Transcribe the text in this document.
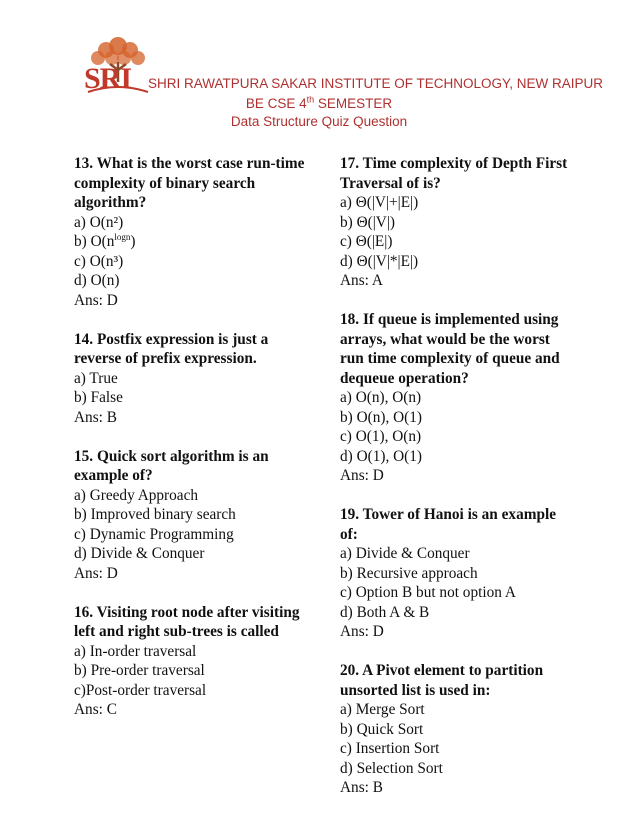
SRI SHRI RAWATPURA SAKAR INSTITUTE OF TECHNOLOGY, NEW RAIPUR
BE CSE 4th SEMESTER
Data Structure Quiz Question
13. What is the worst case run-time
complexity of binary search
algorithm?
a) O(n²)
b) $O(n^{logn})$
c) O(n³)
d) O(n)
Ans: D
14. Postfix expression is just a
reverse of prefix expression.
a) True
b) False
Ans: B
15. Quick sort algorithm is an
example of?
a) Greedy Approach
b) Improved binary search
c) Dynamic Programming
d) Divide & Conquer
Ans: D
16. Visiting root node after visiting
left and right sub-trees is called
a) In-order traversal
b) Pre-order traversal
c)Post-order traversal
Ans: C
17. Time complexity of Depth First
Traversal of is?
a) Θ(|V|+|E|)
b) Θ(|V|)
c) Θ(|E|)
d) Θ(|V|*|E|)
Ans: A
18. If queue is implemented using
arrays, what would be the worst
run time complexity of queue and
dequeue operation?
a) O(n), O(n)
b) O(n), O(1)
c) O(1), O(n)
d) O(1), O(1)
Ans: D
19. Tower of Hanoi is an example
of:
a) Divide & Conquer
b) Recursive approach
c) Option B but not option A
d) Both A & B
Ans: D
20. A Pivot element to partition
unsorted list is used in:
a) Merge Sort
b) Quick Sort
c) Insertion Sort
d) Selection Sort
Ans: B
